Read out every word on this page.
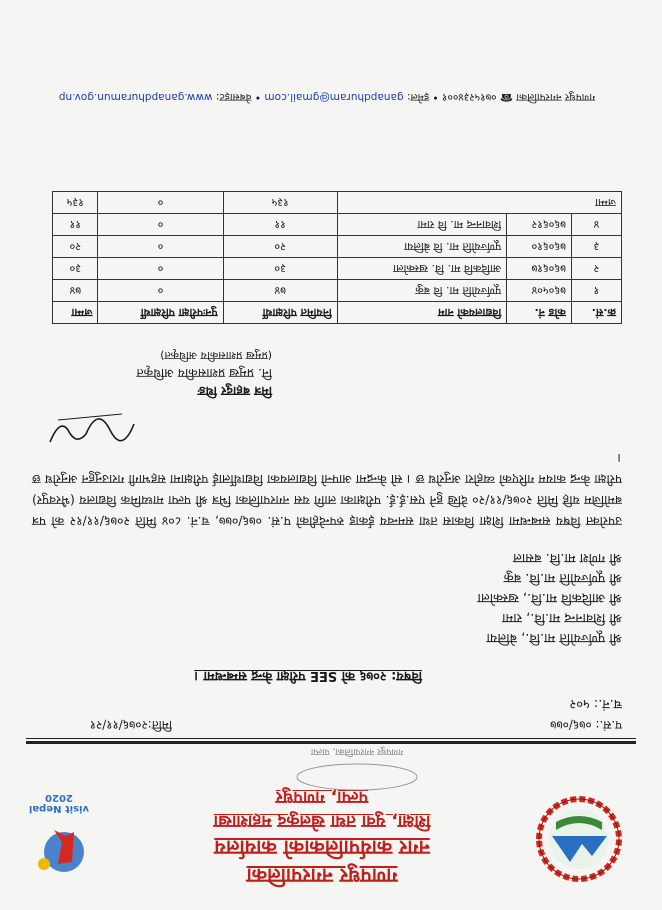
visit Nepal 2020
गणपधुर नगरपालिका
नगर कार्यपालिकाको कार्यालय
शिक्षा, युवा तथा खेलकुद महाशाखा
पल्पा, गणपधुर
गणपधुर नगरपालिका, पाल्पा
प.सं.: ०७६/०७७
मिति:२०७६/११/२१
च.नं.: ५०२
विषय: २०७६ को SEE परीक्षा केन्द्र सम्बन्धमा ।
श्री पूर्णज्योति मा.वि., बेलिया
श्री शिवानन्द मा.वि., रामा
श्री आदिकवि मा.वि., खस्कोला
श्री पूर्णज्योति मा.वि. बकु
श्री गणेश मा.वि. बसाल
उपरोक्त विषय सम्बन्धमा शिक्षा विकास तथा समन्वय ईकाइ रुपन्देहीको प.सं. ०७६/०७७, च.नं. ८०४ मिति २०७६/११/१२ को पत्र बमोजिम यहि मिति २०७६/११/२० देखि हुने एस.ई.ई. परीक्षाका लागि यस नगरपालिका भित्र श्री पल्पा माध्यमिक विद्यालय (भैरवपुर) परीक्षा केन्द्र कायम गरिएको व्यहोरा अनुरोध छ । सो केन्द्रमा आफ्नो विद्यालयका विद्यार्थीलाई परीक्षामा सहभागी गराउनुहुन अनुरोध छ ।
मित्र बहादुर थिङ
नि. प्रमुख प्रशासकीय अधिकृत
(प्रमुख प्रशासकीय अधिकृत)
क्र.सं.	कोड नं.	विद्यालयको नाम	नियमित परिक्षार्थी	पुनःपरीक्षा परिक्षार्थी	जम्मा
१	७६०५०४	पूर्णज्योति मा. वि बकु	७४	०	७४
२	७६०६१७	आदिकवि मा. वि. खस्कोला	३०	०	३०
३	७६०६१०	पूर्णज्योति मा. वि बेलिया	२०	०	२०
४	७६०६१२	शिवानन्द मा. वि रामा	११	०	११
जम्मा			१३५	०	१३५
गणपधुर नगरपालिका ☎ ०७१५२३४००१ • इमेल: ganapdhuram@gmail.com • वेबसाइट: www.ganapdhuramun.gov.np
